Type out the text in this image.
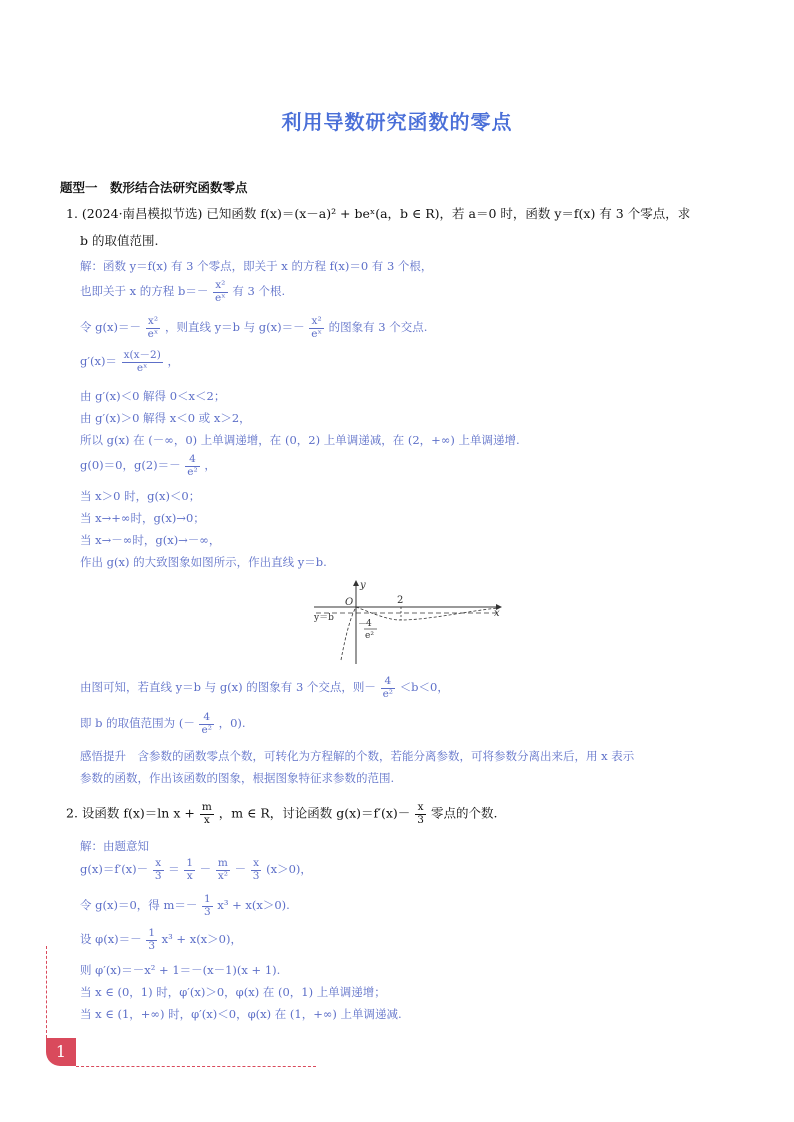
利用导数研究函数的零点
题型一　数形结合法研究函数零点
1. (2024·南昌模拟节选) 已知函数 f(x)＝(x－a)² + beˣ(a，b ∈ R)，若 a＝0 时，函数 y＝f(x) 有 3 个零点，求
b 的取值范围.
解：函数 y＝f(x) 有 3 个零点，即关于 x 的方程 f(x)＝0 有 3 个根，
也即关于 x 的方程 $b=- \frac{\text{x²}}{\text{eˣ}}$ 有 3 个根.
令 $g(x)=- \frac{\text{x²}}{\text{eˣ}}$ ，则直线 y＝b 与 $g(x)=- \frac{\text{x²}}{\text{eˣ}}$ 的图象有 3 个交点.
$g'(x)= \frac{x(x-2)}{\text{eˣ}}$ ，
由 g′(x)＜0 解得 0＜x＜2；
由 g′(x)＞0 解得 x＜0 或 x＞2，
所以 g(x) 在 (－∞，0) 上单调递增，在 (0，2) 上单调递减，在 (2，+∞) 上单调递增.
g(0)＝0，$g(2)=- \frac{4}{\text{e²}}$ ，
当 x＞0 时，g(x)＜0；
当 x→+∞时，g(x)→0；
当 x→－∞时，g(x)→－∞，
作出 g(x) 的大致图象如图所示，作出直线 y＝b.
y
x
O	2
y＝b
－
4
e²
由图可知，若直线 y＝b 与 g(x) 的图象有 3 个交点，则－ $\frac{4}{\text{e²}} <b<0$，
即 b 的取值范围为 (－ $\frac{4}{\text{e²}}$ ，0).
感悟提升　含参数的函数零点个数，可转化为方程解的个数，若能分离参数，可将参数分离出来后，用 x 表示
参数的函数，作出该函数的图象，根据图象特征求参数的范围.
2. 设函数 f(x)＝ln $x + \frac{m}{x}$ ，m ∈ R，讨论函数 $g(x)=f'(x)- \frac{x}{3}$ 零点的个数.
解：由题意知
$g(x)=f'(x)- \frac{x}{3} = \frac{1}{x} - \frac{m}{\text{x²}} - \frac{x}{3} (x>0)$，
令 g(x)＝0，得 $m=- \frac{1}{3} x^3 + x(x>0)$.
设 $\varphi(x)=- \frac{1}{3} x^3 + x(x>0)$，
则 φ′(x)＝－x² + 1＝－(x－1)(x + 1).
当 x ∈ (0，1) 时，φ′(x)＞0，φ(x) 在 (0，1) 上单调递增；
当 x ∈ (1，+∞) 时，φ′(x)＜0，φ(x) 在 (1，+∞) 上单调递减.
1
